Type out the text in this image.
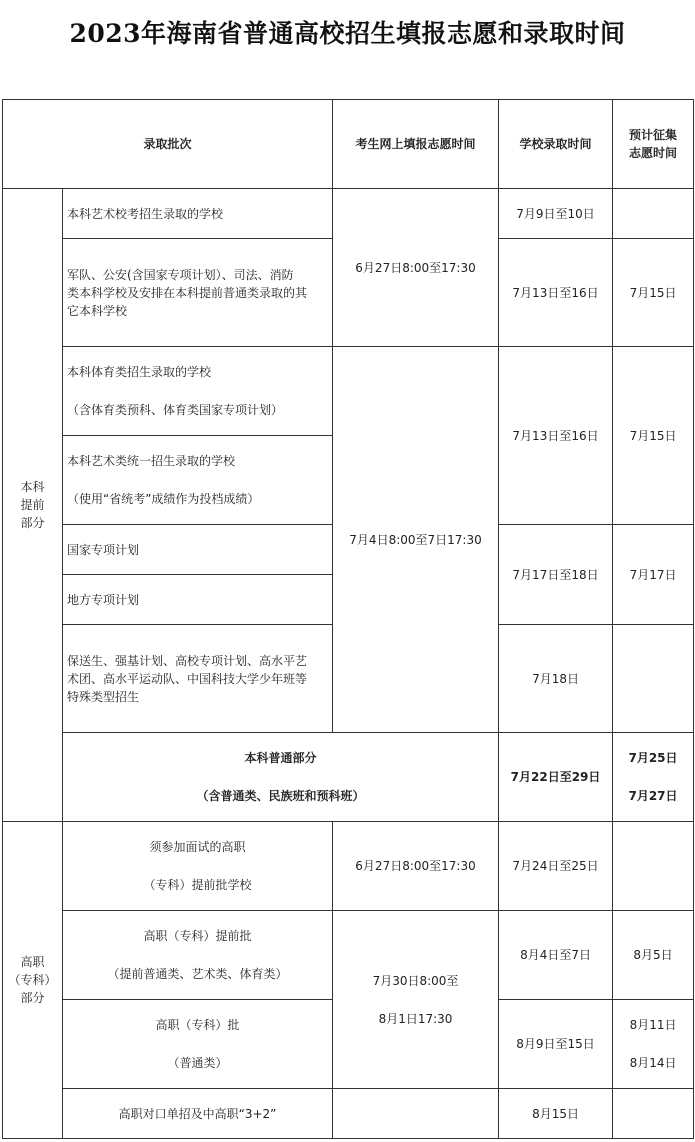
2023年海南省普通高校招生填报志愿和录取时间
录取批次		考生网上填报志愿时间	学校录取时间	预计征集
志愿时间

本科
提前
部分	本科艺术校考招生录取的学校	6月27日8:00至17:30	7月9日至10日	

	军队、公安(含国家专项计划）、司法、消防
类本科学校及安排在本科提前普通类录取的其
它本科学校		7月13日至16日	7月15日

	本科体育类招生录取的学校
（含体育类预科、体育类国家专项计划）	7月4日8:00至7日17:30	7月13日至16日	7月15日

	本科艺术类统一招生录取的学校
（使用“省统考”成绩作为投档成绩）			

	国家专项计划		7月17日至18日	7月17日
	地方专项计划			

	保送生、强基计划、高校专项计划、高水平艺
术团、高水平运动队、中国科技大学少年班等
特殊类型招生		7月18日	

	本科普通部分
（含普通类、民族班和预科班）		7月22日至29日	7月25日
7月27日

高职
（专科）
部分	须参加面试的高职
（专科）提前批学校	6月27日8:00至17:30	7月24日至25日	

	高职（专科）提前批
（提前普通类、艺术类、体育类）	7月30日8:00至
8月1日17:30	8月4日至7日	8月5日

	高职（专科）批
（普通类）		8月9日至15日	8月11日
8月14日

	高职对口单招及中高职“3+2”		8月15日	
